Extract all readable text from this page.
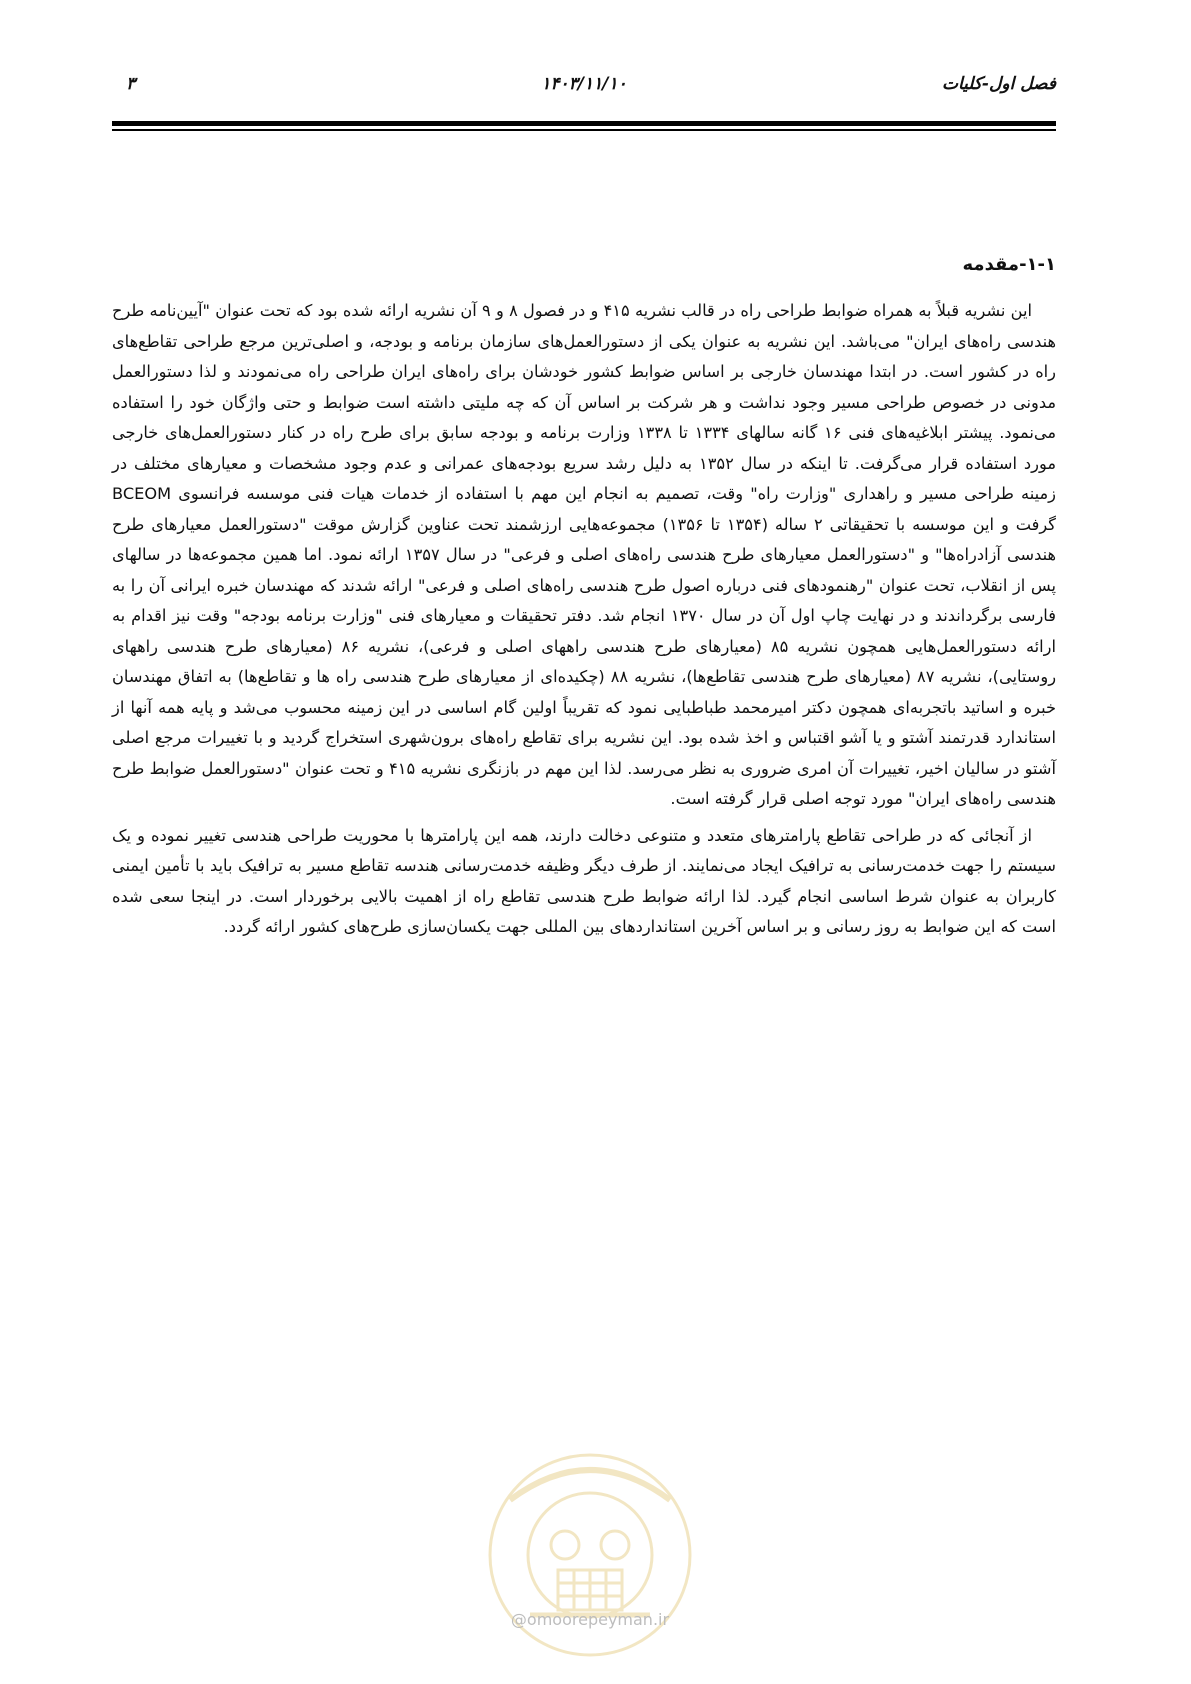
فصل اول-کلیات
۱۴۰۳/۱۱/۱۰
۳
۱-۱-مقدمه

این نشریه قبلاً به همراه ضوابط طراحی راه در قالب نشریه ۴۱۵ و در فصول ۸ و ۹ آن نشریه ارائه شده بود که تحت عنوان "آیین‌نامه طرح هندسی راه‌های ایران" می‌باشد. این نشریه به عنوان یکی از دستورالعمل‌های سازمان برنامه و بودجه، و اصلی‌ترین مرجع طراحی تقاطع‌های راه در کشور است. در ابتدا مهندسان خارجی بر اساس ضوابط کشور خودشان برای راه‌های ایران طراحی راه می‌نمودند و لذا دستورالعمل مدونی در خصوص طراحی مسیر وجود نداشت و هر شرکت بر اساس آن که چه ملیتی داشته است ضوابط و حتی واژگان خود را استفاده می‌نمود. پیشتر ابلاغیه‌های فنی ۱۶ گانه سالهای ۱۳۳۴ تا ۱۳۳۸ وزارت برنامه و بودجه سابق برای طرح راه در کنار دستورالعمل‌های خارجی مورد استفاده قرار می‌گرفت. تا اینکه در سال ۱۳۵۲ به دلیل رشد سریع بودجه‌های عمرانی و عدم وجود مشخصات و معیارهای مختلف در زمینه طراحی مسیر و راهداری "وزارت راه" وقت، تصمیم به انجام این مهم با استفاده از خدمات هیات فنی موسسه فرانسوی BCEOM گرفت و این موسسه با تحقیقاتی ۲ ساله (۱۳۵۴ تا ۱۳۵۶) مجموعه‌هایی ارزشمند تحت عناوین گزارش موقت "دستورالعمل معیارهای طرح هندسی آزادراه‌ها" و "دستورالعمل معیارهای طرح هندسی راه‌های اصلی و فرعی" در سال ۱۳۵۷ ارائه نمود. اما همین مجموعه‌ها در سالهای پس از انقلاب، تحت عنوان "رهنمودهای فنی درباره اصول طرح هندسی راه‌های اصلی و فرعی" ارائه شدند که مهندسان خبره ایرانی آن را به فارسی برگرداندند و در نهایت چاپ اول آن در سال ۱۳۷۰ انجام شد. دفتر تحقیقات و معیارهای فنی "وزارت برنامه بودجه" وقت نیز اقدام به ارائه دستورالعمل‌هایی همچون نشریه ۸۵ (معیارهای طرح هندسی راههای اصلی و فرعی)، نشریه ۸۶ (معیارهای طرح هندسی راههای روستایی)، نشریه ۸۷ (معیارهای طرح هندسی تقاطع‌ها)، نشریه ۸۸ (چکیده‌ای از معیارهای طرح هندسی راه ها و تقاطع‌ها) به اتفاق مهندسان خبره و اساتید باتجربه‌ای همچون دکتر امیرمحمد طباطبایی نمود که تقریباً اولین گام اساسی در این زمینه محسوب می‌شد و پایه همه آنها از استاندارد قدرتمند آشتو و یا آشو اقتباس و اخذ شده بود. این نشریه برای تقاطع راه‌های برون‌شهری استخراج گردید و با تغییرات مرجع اصلی آشتو در سالیان اخیر، تغییرات آن امری ضروری به نظر می‌رسد. لذا این مهم در بازنگری نشریه ۴۱۵ و تحت عنوان "دستورالعمل ضوابط طرح هندسی راه‌های ایران" مورد توجه اصلی قرار گرفته است.

از آنجائی که در طراحی تقاطع پارامترهای متعدد و متنوعی دخالت دارند، همه این پارامترها با محوریت طراحی هندسی تغییر نموده و یک سیستم را جهت خدمت‌رسانی به ترافیک ایجاد می‌نمایند. از طرف دیگر وظیفه خدمت‌رسانی هندسه تقاطع مسیر به ترافیک باید با تأمین ایمنی کاربران به عنوان شرط اساسی انجام گیرد. لذا ارائه ضوابط طرح هندسی تقاطع راه از اهمیت بالایی برخوردار است. در اینجا سعی شده است که این ضوابط به روز رسانی و بر اساس آخرین استانداردهای بین المللی جهت یکسان‌سازی طرح‌های کشور ارائه گردد.

@omoorepeyman.ir
